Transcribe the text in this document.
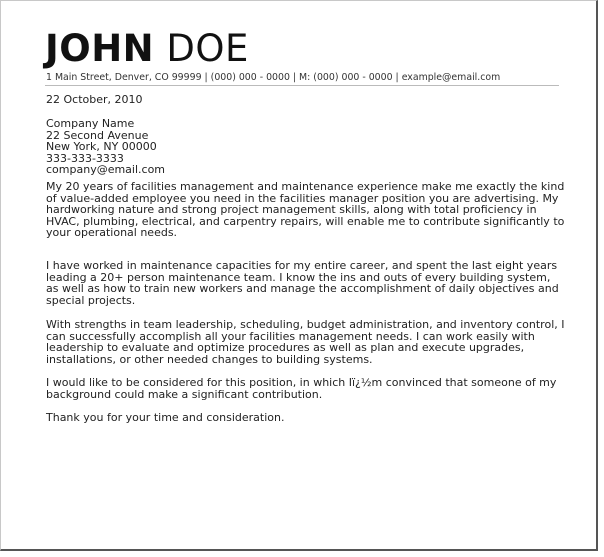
JOHN DOE
1 Main Street, Denver, CO 99999 | (000) 000 - 0000 | M: (000) 000 - 0000 | example@email.com
22 October, 2010
Company Name
22 Second Avenue
New York, NY 00000
333-333-3333
company@email.com
My 20 years of facilities management and maintenance experience make me exactly the kind of value-added employee you need in the facilities manager position you are advertising. My hardworking nature and strong project management skills, along with total proficiency in HVAC, plumbing, electrical, and carpentry repairs, will enable me to contribute significantly to your operational needs.
I have worked in maintenance capacities for my entire career, and spent the last eight years leading a 20+ person maintenance team. I know the ins and outs of every building system, as well as how to train new workers and manage the accomplishment of daily objectives and special projects.
With strengths in team leadership, scheduling, budget administration, and inventory control, I can successfully accomplish all your facilities management needs. I can work easily with leadership to evaluate and optimize procedures as well as plan and execute upgrades, installations, or other needed changes to building systems.
I would like to be considered for this position, in which Iï¿½m convinced that someone of my background could make a significant contribution.
Thank you for your time and consideration.
